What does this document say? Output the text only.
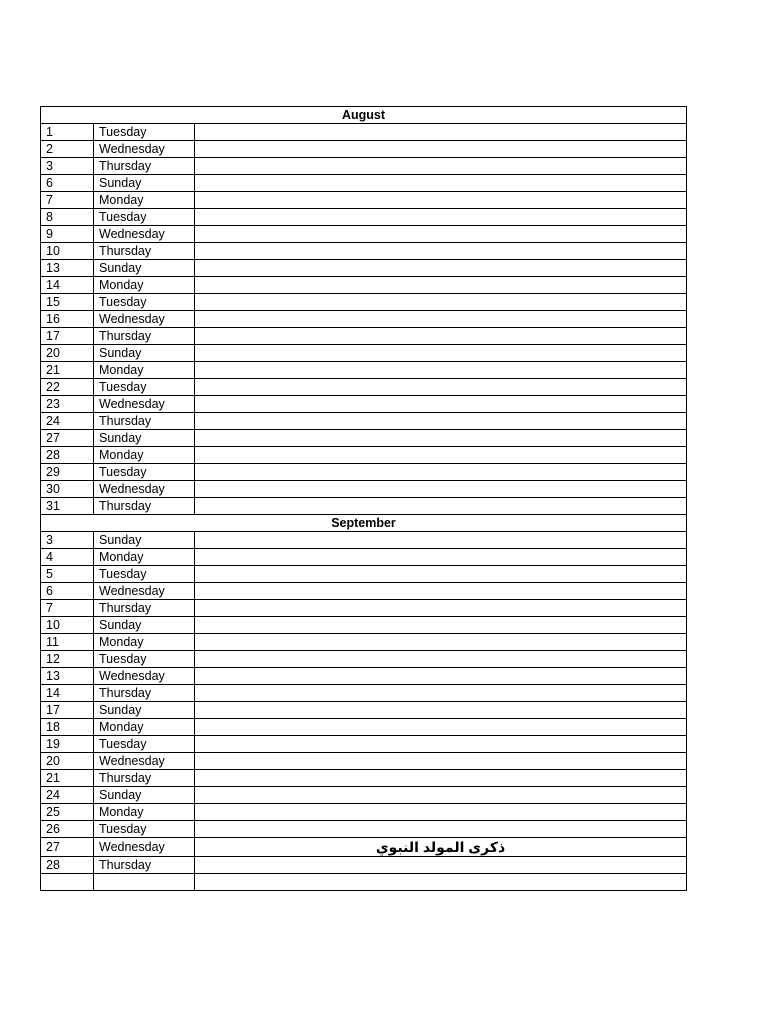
August		
1	Tuesday	
2	Wednesday	
3	Thursday	
6	Sunday	
7	Monday	
8	Tuesday	
9	Wednesday	
10	Thursday	
13	Sunday	
14	Monday	
15	Tuesday	
16	Wednesday	
17	Thursday	
20	Sunday	
21	Monday	
22	Tuesday	
23	Wednesday	
24	Thursday	
27	Sunday	
28	Monday	
29	Tuesday	
30	Wednesday	
31	Thursday	
September		
3	Sunday	
4	Monday	
5	Tuesday	
6	Wednesday	
7	Thursday	
10	Sunday	
11	Monday	
12	Tuesday	
13	Wednesday	
14	Thursday	
17	Sunday	
18	Monday	
19	Tuesday	
20	Wednesday	
21	Thursday	
24	Sunday	
25	Monday	
26	Tuesday	
27	Wednesday	ذكرى المولد النبوي
28	Thursday	
